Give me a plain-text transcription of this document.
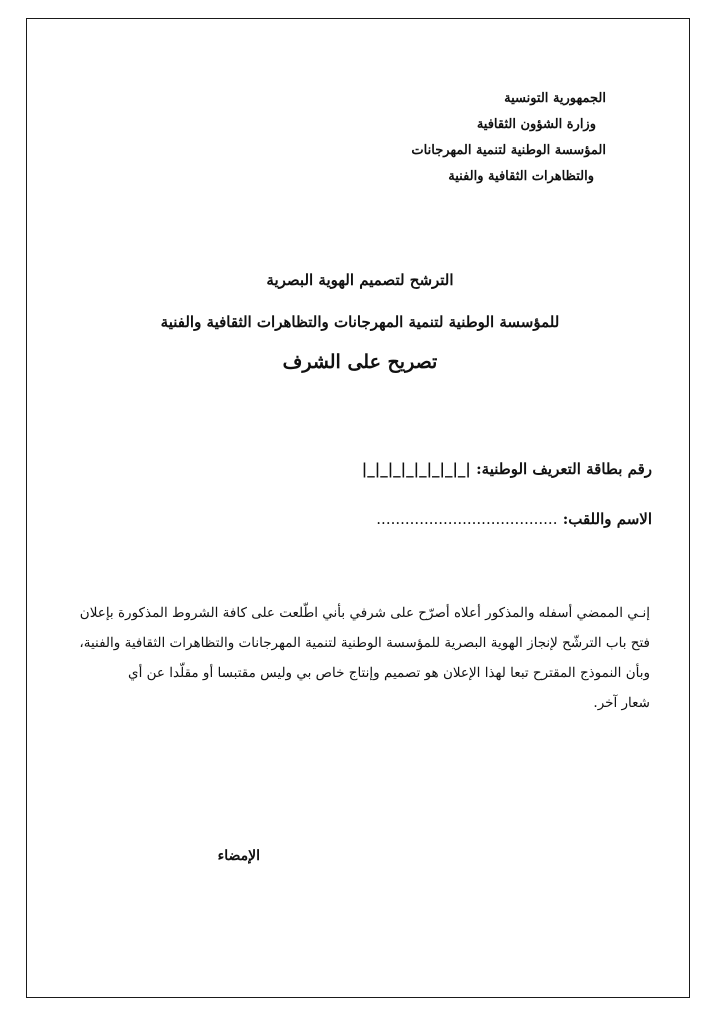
الجمهورية التونسية
وزارة الشؤون الثقافية
المؤسسة الوطنية لتنمية المهرجانات
والتظاهرات الثقافية والفنية
الترشح لتصميم الهوية البصرية
للمؤسسة الوطنية لتنمية المهرجانات والتظاهرات الثقافية والفنية
تصريح على الشرف
رقم بطاقة التعريف الوطنية: |_|_|_|_|_|_|_|_|
الاسم واللقب: ......................................
إنـي الممضي أسفله والمذكور أعلاه أصرّح على شرفي بأني اطّلعت على كافة الشروط المذكورة بإعلان
فتح باب الترشّح لإنجاز الهوية البصرية للمؤسسة الوطنية لتنمية المهرجانات والتظاهرات الثقافية والفنية،
وبأن النموذج المقترح تبعا لهذا الإعلان هو تصميم وإنتاج خاص بي وليس مقتبسا أو مقلّدا عن أي
شعار آخر.
الإمضاء
